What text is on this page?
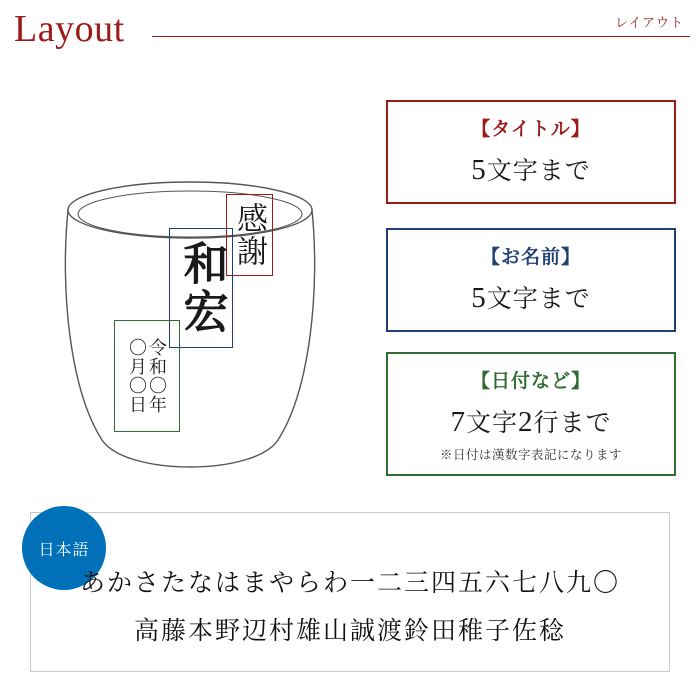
Layout	レイアウト
感謝
和宏
令和〇年
〇月〇日
【タイトル】
5文字まで
【お名前】
5文字まで
【日付など】
7文字2行まで
※日付は漢数字表記になります
日本語
あかさたなはまやらわ一二三四五六七八九〇
高藤本野辺村雄山誠渡鈴田稚子佐稔
